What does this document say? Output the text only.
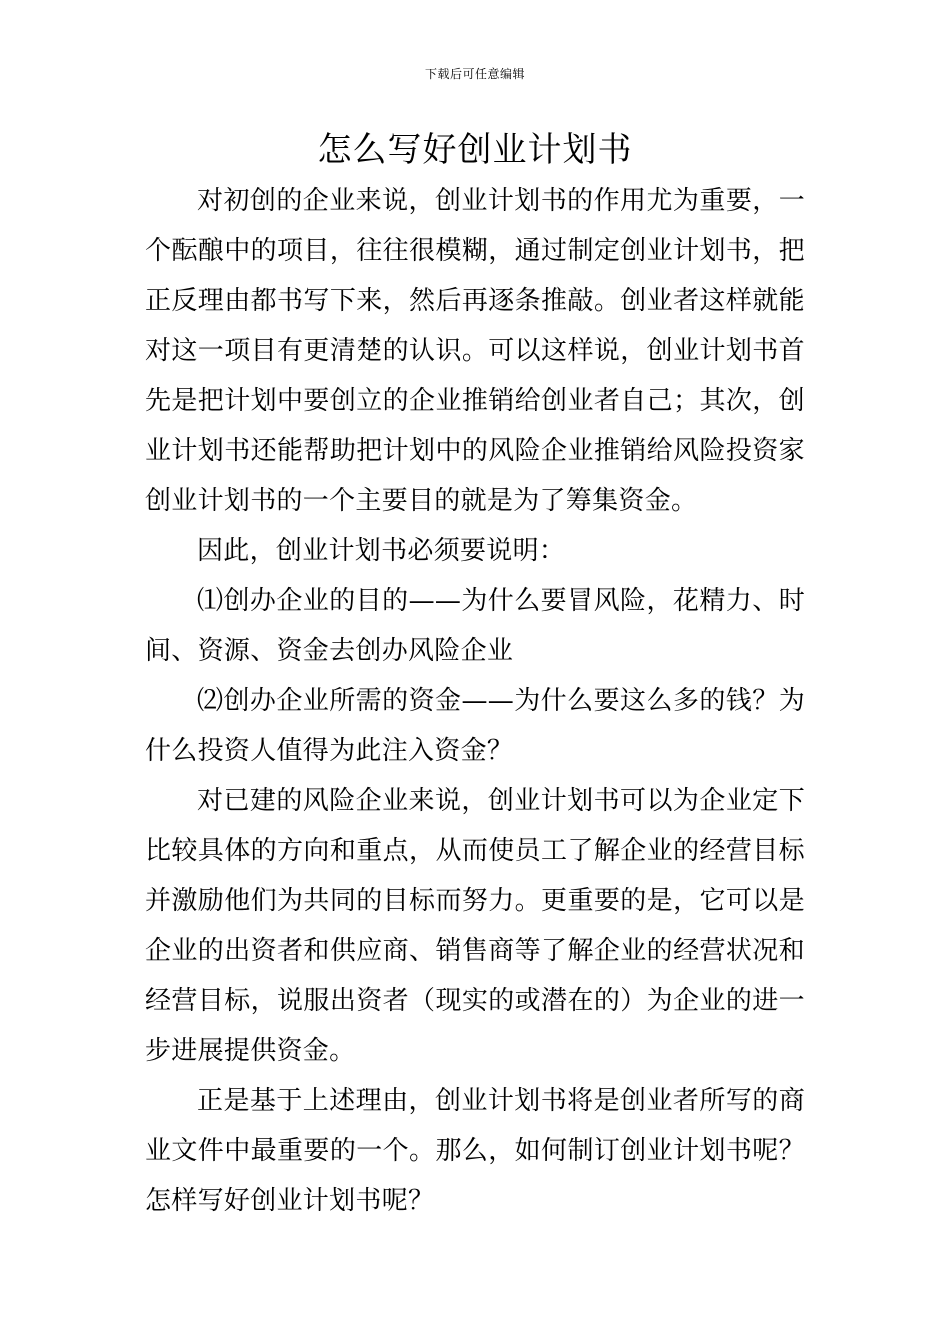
下载后可任意编辑
怎么写好创业计划书

对初创的企业来说，创业计划书的作用尤为重要，一个酝酿中的项目，往往很模糊，通过制定创业计划书，把正反理由都书写下来，然后再逐条推敲。创业者这样就能对这一项目有更清楚的认识。可以这样说，创业计划书首先是把计划中要创立的企业推销给创业者自己；其次，创业计划书还能帮助把计划中的风险企业推销给风险投资家创业计划书的一个主要目的就是为了筹集资金。

因此，创业计划书必须要说明：

⑴创办企业的目的——为什么要冒风险，花精力、时间、资源、资金去创办风险企业

⑵创办企业所需的资金——为什么要这么多的钱？为什么投资人值得为此注入资金？

对已建的风险企业来说，创业计划书可以为企业定下比较具体的方向和重点，从而使员工了解企业的经营目标并激励他们为共同的目标而努力。更重要的是，它可以是企业的出资者和供应商、销售商等了解企业的经营状况和经营目标，说服出资者（现实的或潜在的）为企业的进一步进展提供资金。

正是基于上述理由，创业计划书将是创业者所写的商业文件中最重要的一个。那么，如何制订创业计划书呢？怎样写好创业计划书呢？
